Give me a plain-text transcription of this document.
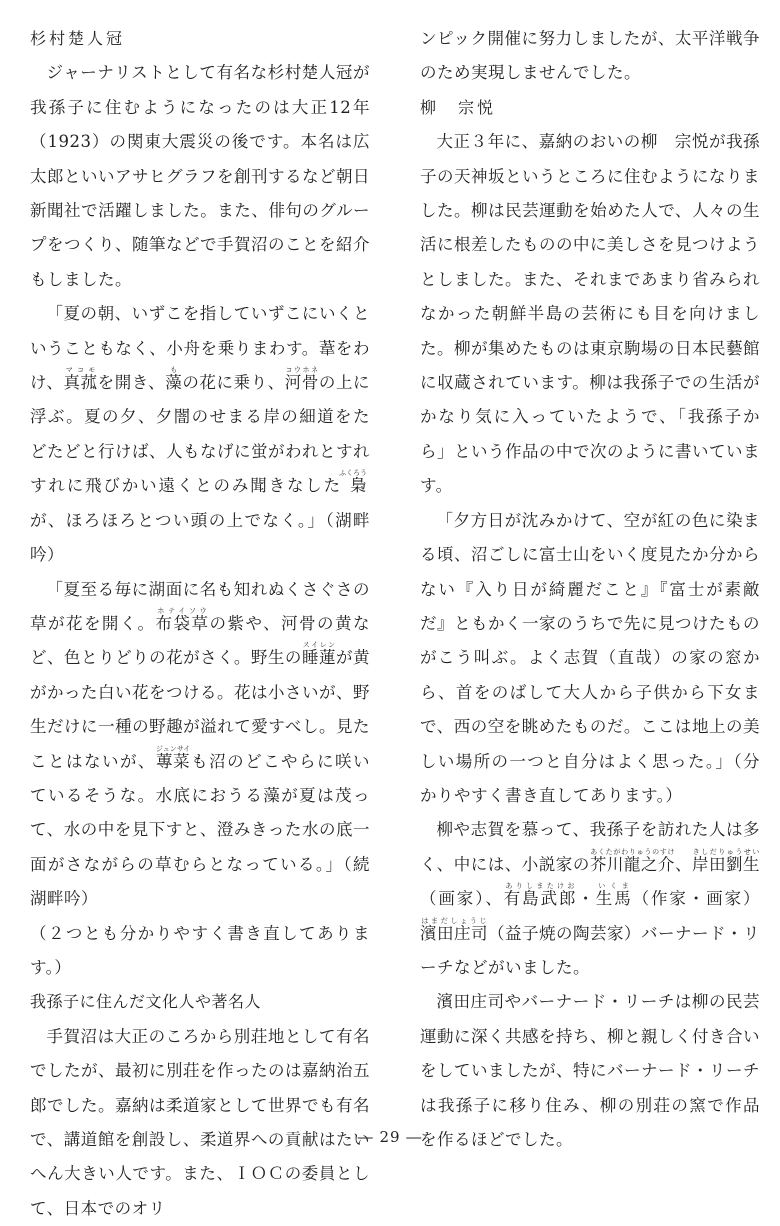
杉村楚人冠

ジャーナリストとして有名な杉村楚人冠が我孫子に住むようになったのは大正12年（1923）の関東大震災の後です。本名は広太郎といいアサヒグラフを創刊するなど朝日新聞社で活躍しました。また、俳句のグループをつくり、随筆などで手賀沼のことを紹介もしました。

「夏の朝、いずこを指していずこにいくということもなく、小舟を乗りまわす。葦をわけ、真菰マコモを開き、藻もの花に乗り、河骨コウホネの上に浮ぶ。夏の夕、夕闇のせまる岸の細道をたどたどと行けば、人もなげに蛍がわれとすれすれに飛びかい遠くとのみ聞きなした梟ふくろうが、ほろほろとつい頭の上でなく。」（湖畔吟）

「夏至る毎に湖面に名も知れぬくさぐさの草が花を開く。布袋草ホテイソウの紫や、河骨の黄など、色とりどりの花がさく。野生の睡蓮スイレンが黄がかった白い花をつける。花は小さいが、野生だけに一種の野趣が溢れて愛すべし。見たことはないが、蓴菜ジュンサイも沼のどこやらに咲いているそうな。水底におうる藻が夏は茂って、水の中を見下すと、澄みきった水の底一面がさながらの草むらとなっている。」（続湖畔吟）

（２つとも分かりやすく書き直してあります。）

我孫子に住んだ文化人や著名人

手賀沼は大正のころから別荘地として有名でしたが、最初に別荘を作ったのは嘉納治五郎でした。嘉納は柔道家として世界でも有名で、講道館を創設し、柔道界への貢献はたいへん大きい人です。また、ＩＯＣの委員として、日本でのオリ

ンピック開催に努力しましたが、太平洋戦争のため実現しませんでした。

柳　宗悦

大正３年に、嘉納のおいの柳　宗悦が我孫子の天神坂というところに住むようになりました。柳は民芸運動を始めた人で、人々の生活に根差したものの中に美しさを見つけようとしました。また、それまであまり省みられなかった朝鮮半島の芸術にも目を向けました。柳が集めたものは東京駒場の日本民藝館に収蔵されています。柳は我孫子での生活がかなり気に入っていたようで、「我孫子から」という作品の中で次のように書いています。

「夕方日が沈みかけて、空が紅の色に染まる頃、沼ごしに富士山をいく度見たか分からない『入り日が綺麗だこと』『富士が素敵だ』ともかく一家のうちで先に見つけたものがこう叫ぶ。よく志賀（直哉）の家の窓から、首をのばして大人から子供から下女まで、西の空を眺めたものだ。ここは地上の美しい場所の一つと自分はよく思った。」（分かりやすく書き直してあります。）

柳や志賀を慕って、我孫子を訪れた人は多く、中には、小説家の芥川龍之介あくたがわりゅうのすけ、岸田劉生きしだりゅうせい（画家）、有島武郎ありしまたけお・生馬いくま（作家・画家）濱田庄司はまだしょうじ（益子焼の陶芸家）バーナード・リーチなどがいました。

濱田庄司やバーナード・リーチは柳の民芸運動に深く共感を持ち、柳と親しく付き合いをしていましたが、特にバーナード・リーチは我孫子に移り住み、柳の別荘の窯で作品を作るほどでした。

― 29 ―
